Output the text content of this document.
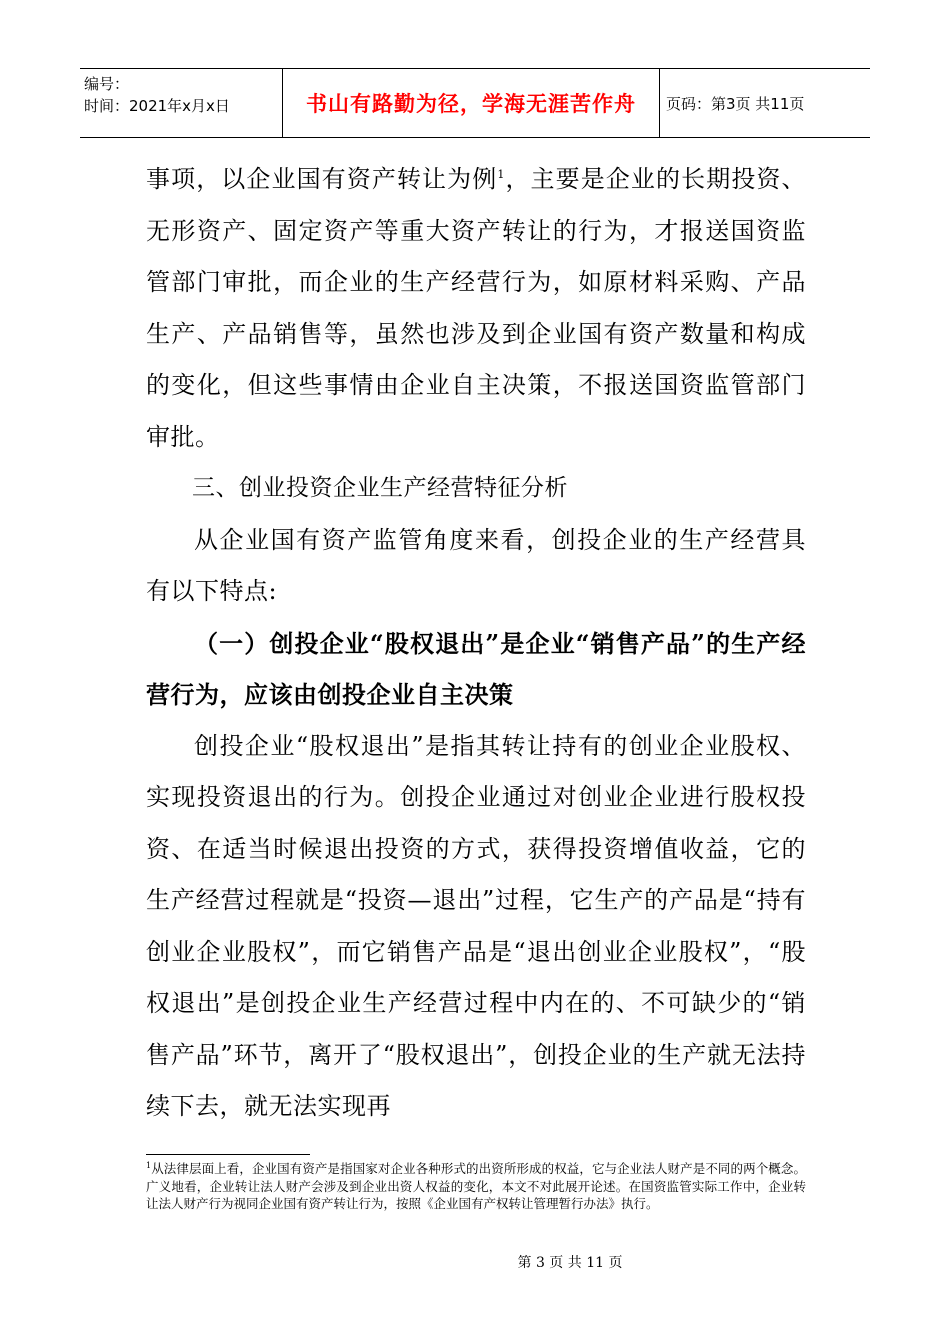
编号：
时间：2021年x月x日	书山有路勤为径，学海无涯苦作舟 页码：第3页 共11页

事项，以企业国有资产转让为例$^1$，主要是企业的长期投资、无形资产、固定资产等重大资产转让的行为，才报送国资监管部门审批，而企业的生产经营行为，如原材料采购、产品生产、产品销售等，虽然也涉及到企业国有资产数量和构成的变化，但这些事情由企业自主决策，不报送国资监管部门审批。

三、创业投资企业生产经营特征分析

从企业国有资产监管角度来看，创投企业的生产经营具有以下特点:

（一）创投企业“股权退出”是企业“销售产品”的生产经营行为，应该由创投企业自主决策

创投企业“股权退出”是指其转让持有的创业企业股权、实现投资退出的行为。创投企业通过对创业企业进行股权投资、在适当时候退出投资的方式，获得投资增值收益，它的生产经营过程就是“投资—退出”过程，它生产的产品是“持有创业企业股权”，而它销售产品是“退出创业企业股权”，“股权退出”是创投企业生产经营过程中内在的、不可缺少的“销售产品”环节，离开了“股权退出”，创投企业的生产就无法持续下去，就无法实现再

$^1$从法律层面上看，企业国有资产是指国家对企业各种形式的出资所形成的权益，它与企业法人财产是不同的两个概念。广义地看，企业转让法人财产会涉及到企业出资人权益的变化，本文不对此展开论述。在国资监管实际工作中，企业转让法人财产行为视同企业国有资产转让行为，按照《企业国有产权转让管理暂行办法》执行。

第 3 页 共 11 页
